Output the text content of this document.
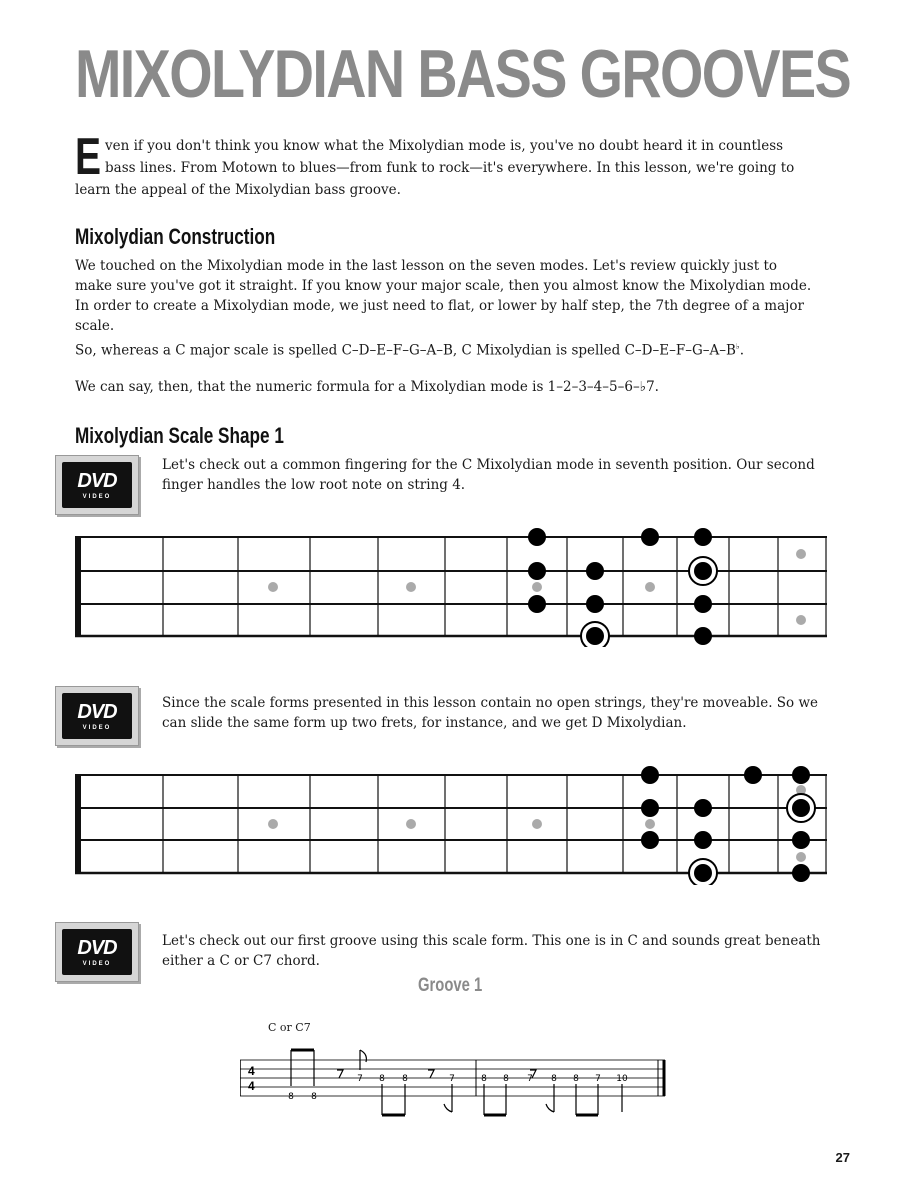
MIXOLYDIAN BASS GROOVES

Even if you don't think you know what the Mixolydian mode is, you've no doubt heard it in countless bass lines. From Motown to blues—from funk to rock—it's everywhere. In this lesson, we're going to learn the appeal of the Mixolydian bass groove.

Mixolydian Construction

We touched on the Mixolydian mode in the last lesson on the seven modes. Let's review quickly just to make sure you've got it straight. If you know your major scale, then you almost know the Mixolydian mode. In order to create a Mixolydian mode, we just need to flat, or lower by half step, the 7th degree of a major scale.

So, whereas a C major scale is spelled C–D–E–F–G–A–B, C Mixolydian is spelled C–D–E–F–G–A–B♭.

We can say, then, that the numeric formula for a Mixolydian mode is 1–2–3–4–5–6–♭7.

Mixolydian Scale Shape 1
DVD
VIDEO

Let's check out a common fingering for the C Mixolydian mode in seventh position. Our second finger handles the low root note on string 4.

DVD
VIDEO

Since the scale forms presented in this lesson contain no open strings, they're moveable. So we can slide the same form up two frets, for instance, and we get D Mixolydian.

DVD
VIDEO

Let's check out our first groove using this scale form. This one is in C and sounds great beneath either a C or C7 chord.

Groove 1
C or C7
4
4
8 8
7 8 8	7	8 8 7 8 8 7 10
27
